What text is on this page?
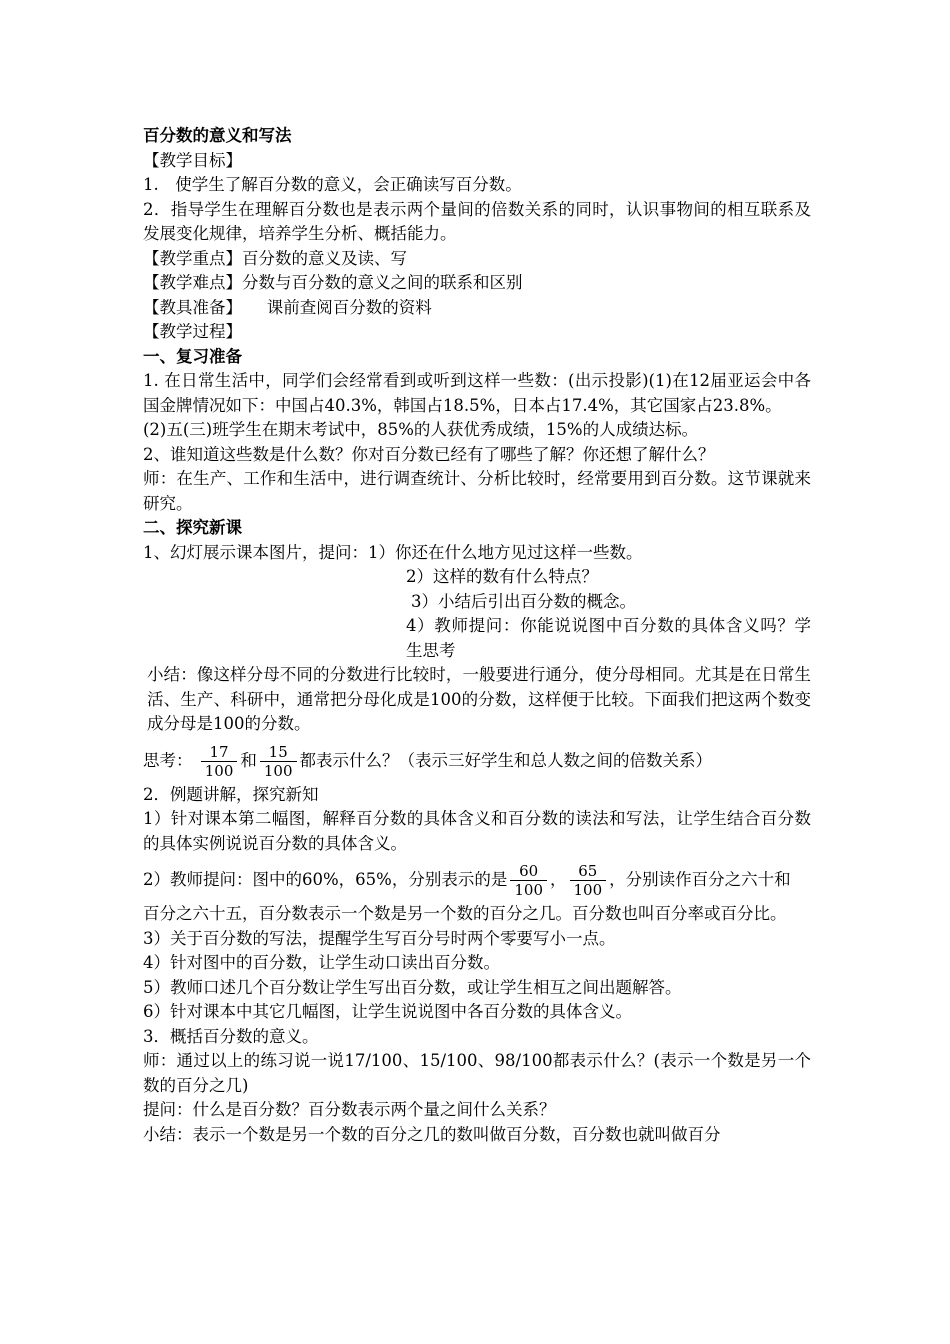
百分数的意义和写法
【教学目标】
1.　使学生了解百分数的意义，会正确读写百分数。
2．指导学生在理解百分数也是表示两个量间的倍数关系的同时，认识事物间的相互联系及发展变化规律，培养学生分析、概括能力。
【教学重点】百分数的意义及读、写
【教学难点】分数与百分数的意义之间的联系和区别
【教具准备】　　课前查阅百分数的资料
【教学过程】
一、复习准备
1. 在日常生活中，同学们会经常看到或听到这样一些数：(出示投影)(1)在12届亚运会中各国金牌情况如下：中国占40.3%，韩国占18.5%，日本占17.4%，其它国家占23.8%。
(2)五(三)班学生在期末考试中，85%的人获优秀成绩，15%的人成绩达标。
2、谁知道这些数是什么数？你对百分数已经有了哪些了解？你还想了解什么？
师：在生产、工作和生活中，进行调查统计、分析比较时，经常要用到百分数。这节课就来研究。
二、探究新课
1、幻灯展示课本图片，提问：1）你还在什么地方见过这样一些数。
2）这样的数有什么特点？
3）小结后引出百分数的概念。
4）教师提问：你能说说图中百分数的具体含义吗？学生思考
小结：像这样分母不同的分数进行比较时，一般要进行通分，使分母相同。尤其是在日常生活、生产、科研中，通常把分母化成是100的分数，这样便于比较。下面我们把这两个数变成分母是100的分数。
思考： $\frac{17}{100}$ 和 $\frac{15}{100}$ 都表示什么？（表示三好学生和总人数之间的倍数关系）
2．例题讲解，探究新知
1）针对课本第二幅图，解释百分数的具体含义和百分数的读法和写法，让学生结合百分数的具体实例说说百分数的具体含义。
2）教师提问：图中的60%，65%，分别表示的是 $\frac{60}{100}$ ， $\frac{65}{100}$ ，分别读作百分之六十和
百分之六十五，百分数表示一个数是另一个数的百分之几。百分数也叫百分率或百分比。
3）关于百分数的写法，提醒学生写百分号时两个零要写小一点。
4）针对图中的百分数，让学生动口读出百分数。
5）教师口述几个百分数让学生写出百分数，或让学生相互之间出题解答。
6）针对课本中其它几幅图，让学生说说图中各百分数的具体含义。
3．概括百分数的意义。
师：通过以上的练习说一说17/100、15/100、98/100都表示什么？(表示一个数是另一个数的百分之几)
提问：什么是百分数？百分数表示两个量之间什么关系？
小结：表示一个数是另一个数的百分之几的数叫做百分数，百分数也就叫做百分
